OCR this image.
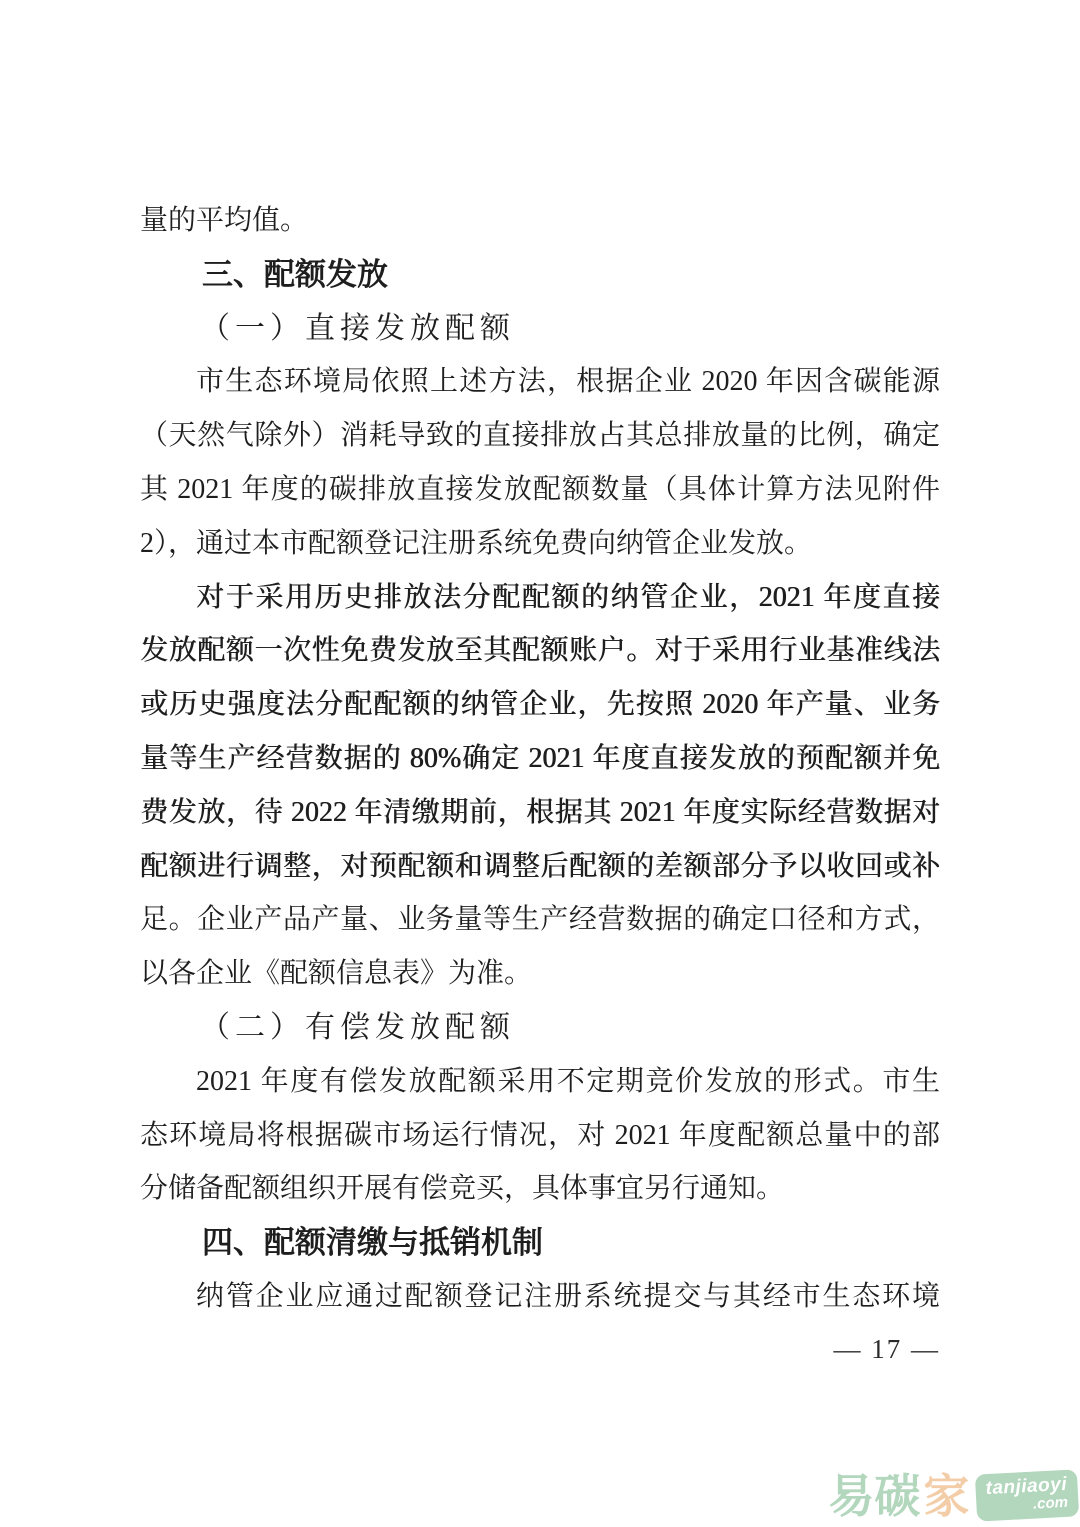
量的平均值。
三、配额发放
（一）直接发放配额
市生态环境局依照上述方法，根据企业 2020 年因含碳能源
（天然气除外）消耗导致的直接排放占其总排放量的比例，确定
其 2021 年度的碳排放直接发放配额数量（具体计算方法见附件
2），通过本市配额登记注册系统免费向纳管企业发放。
对于采用历史排放法分配配额的纳管企业，2021 年度直接
发放配额一次性免费发放至其配额账户。对于采用行业基准线法
或历史强度法分配配额的纳管企业，先按照 2020 年产量、业务
量等生产经营数据的 80%确定 2021 年度直接发放的预配额并免
费发放，待 2022 年清缴期前，根据其 2021 年度实际经营数据对
配额进行调整，对预配额和调整后配额的差额部分予以收回或补
足。企业产品产量、业务量等生产经营数据的确定口径和方式，
以各企业《配额信息表》为准。
（二）有偿发放配额
2021 年度有偿发放配额采用不定期竞价发放的形式。市生
态环境局将根据碳市场运行情况，对 2021 年度配额总量中的部
分储备配额组织开展有偿竞买，具体事宜另行通知。
四、配额清缴与抵销机制
纳管企业应通过配额登记注册系统提交与其经市生态环境
— 17 —
易碳 家 tanjiaoyi
.com
